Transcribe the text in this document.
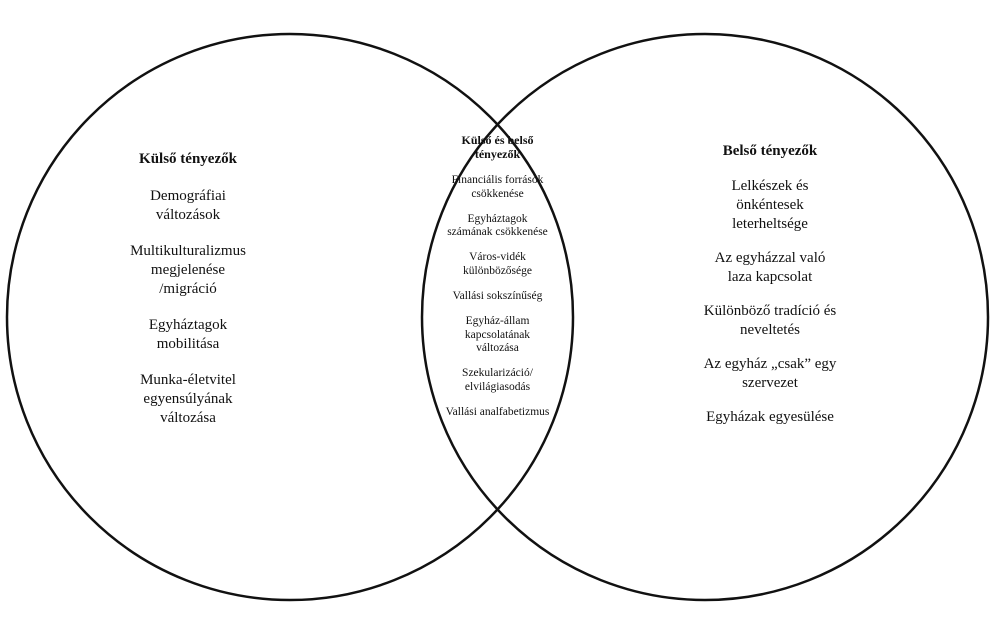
Külső tényezők

Demográfiai
változások
Multikulturalizmus
megjelenése
/migráció
Egyháztagok
mobilitása
Munka-életvitel
egyensúlyának
változása

Külső és belső
tényezők

Financiális források
csökkenése
Egyháztagok
számának csökkenése
Város-vidék
különbözősége
Vallási sokszínűség
Egyház-állam
kapcsolatának
változása
Szekularizáció/
elvilágiasodás
Vallási analfabetizmus

Belső tényezők

Lelkészek és
önkéntesek
leterheltsége
Az egyházzal való
laza kapcsolat
Különböző tradíció és
neveltetés
Az egyház „csak” egy
szervezet
Egyházak egyesülése
